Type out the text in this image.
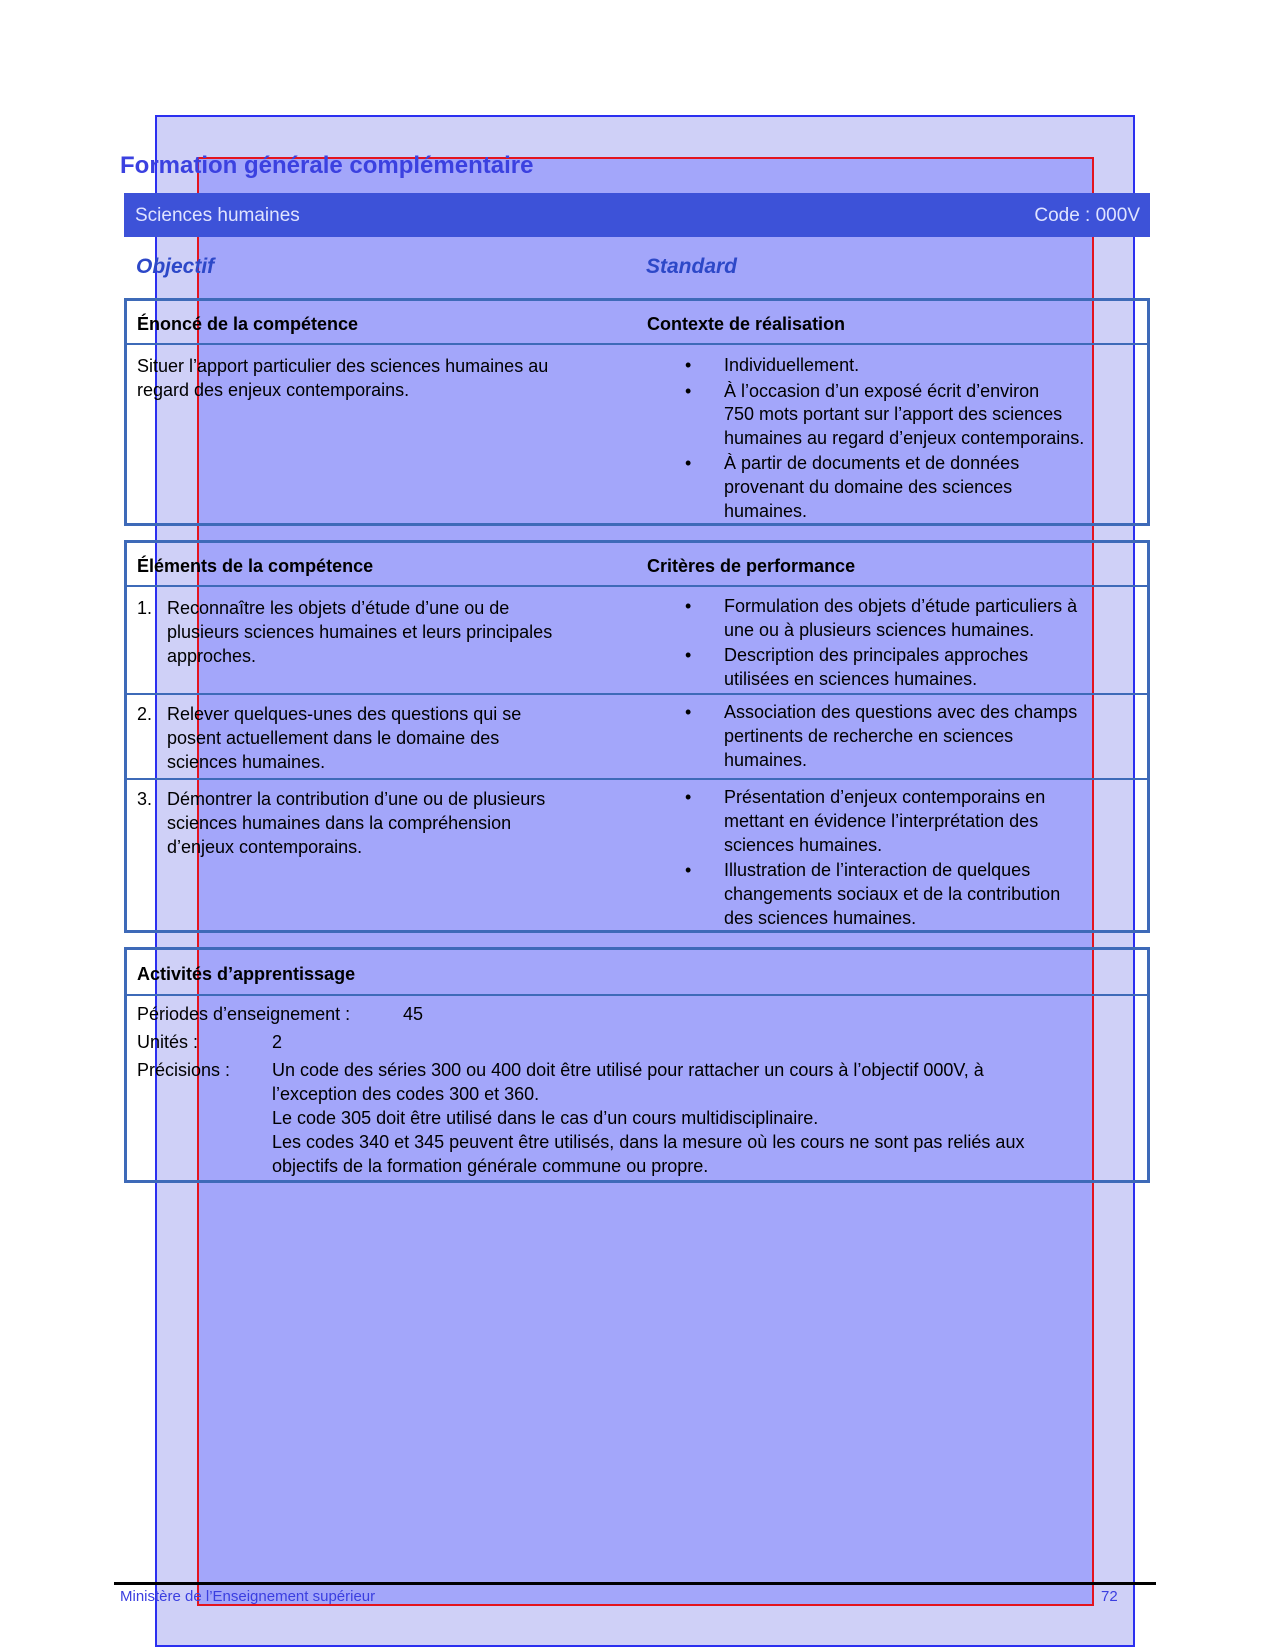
Formation générale complémentaire
Sciences humaines	Code : 000V
Objectif	Standard
Énoncé de la compétence	Contexte de réalisation
Situer l’apport particulier des sciences humaines au
regard des enjeux contemporains.
• Individuellement.
• À l’occasion d’un exposé écrit d’environ
750 mots portant sur l’apport des sciences
humaines au regard d’enjeux contemporains.
• À partir de documents et de données
provenant du domaine des sciences
humaines.
Éléments de la compétence	Critères de performance
1. Reconnaître les objets d’étude d’une ou de
plusieurs sciences humaines et leurs principales
approches.
• Formulation des objets d’étude particuliers à
une ou à plusieurs sciences humaines.
• Description des principales approches
utilisées en sciences humaines.
2. Relever quelques-unes des questions qui se
posent actuellement dans le domaine des
sciences humaines.
• Association des questions avec des champs
pertinents de recherche en sciences
humaines.
3. Démontrer la contribution d’une ou de plusieurs
sciences humaines dans la compréhension
d’enjeux contemporains.
• Présentation d’enjeux contemporains en
mettant en évidence l’interprétation des
sciences humaines.
• Illustration de l’interaction de quelques
changements sociaux et de la contribution
des sciences humaines.
Activités d’apprentissage
Périodes d’enseignement :	45
Unités :	2
Précisions : Un code des séries 300 ou 400 doit être utilisé pour rattacher un cours à l’objectif 000V, à
l’exception des codes 300 et 360.
Le code 305 doit être utilisé dans le cas d’un cours multidisciplinaire.
Les codes 340 et 345 peuvent être utilisés, dans la mesure où les cours ne sont pas reliés aux
objectifs de la formation générale commune ou propre.
Ministère de l’Enseignement supérieur	72
